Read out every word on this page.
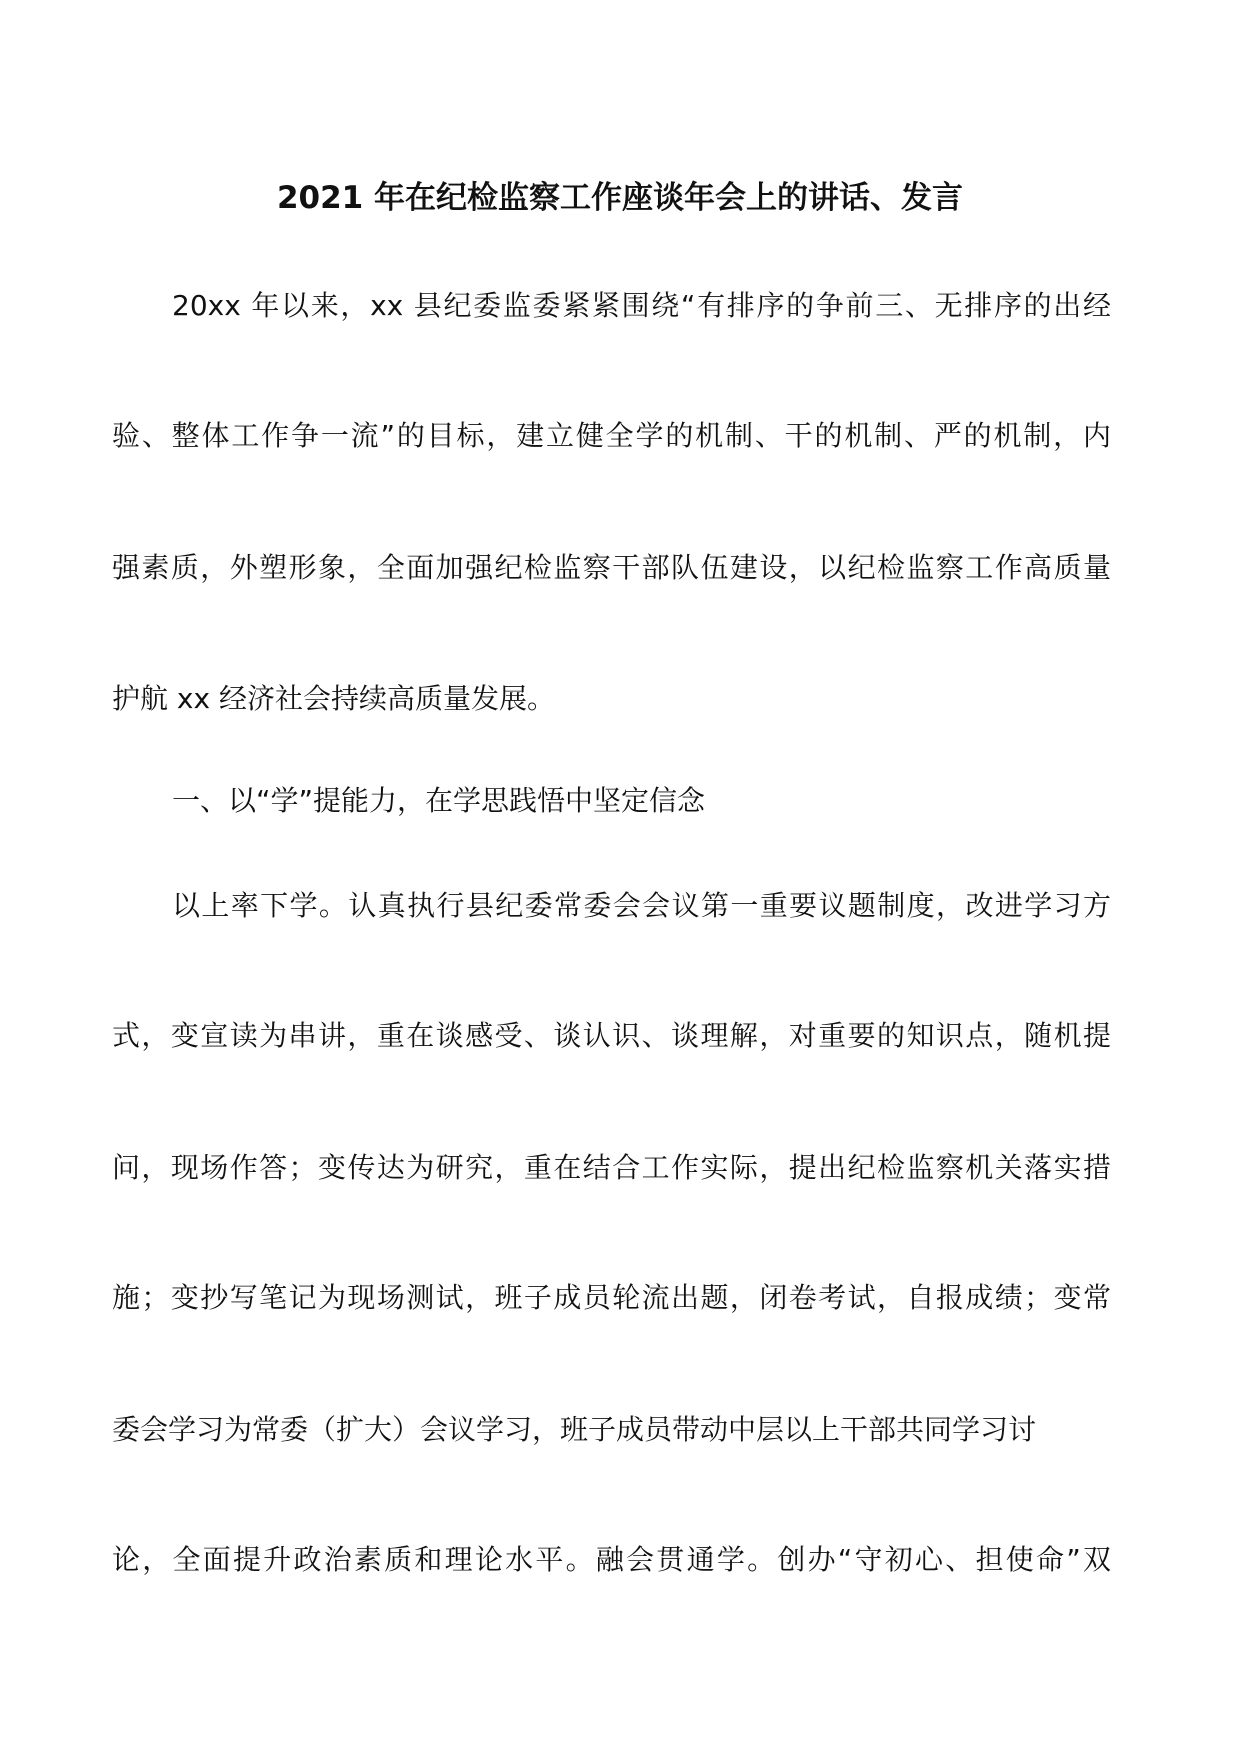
2021 年在纪检监察工作座谈年会上的讲话、发言
20xx 年以来，xx 县纪委监委紧紧围绕“有排序的争前三、无排序的出经
验、整体工作争一流”的目标，建立健全学的机制、干的机制、严的机制，内
强素质，外塑形象，全面加强纪检监察干部队伍建设，以纪检监察工作高质量
护航 xx 经济社会持续高质量发展。
一、以“学”提能力，在学思践悟中坚定信念
以上率下学。认真执行县纪委常委会会议第一重要议题制度，改进学习方
式，变宣读为串讲，重在谈感受、谈认识、谈理解，对重要的知识点，随机提
问，现场作答；变传达为研究，重在结合工作实际，提出纪检监察机关落实措
施；变抄写笔记为现场测试，班子成员轮流出题，闭卷考试，自报成绩；变常
委会学习为常委（扩大）会议学习，班子成员带动中层以上干部共同学习讨
论，全面提升政治素质和理论水平。融会贯通学。创办“守初心、担使命”双
